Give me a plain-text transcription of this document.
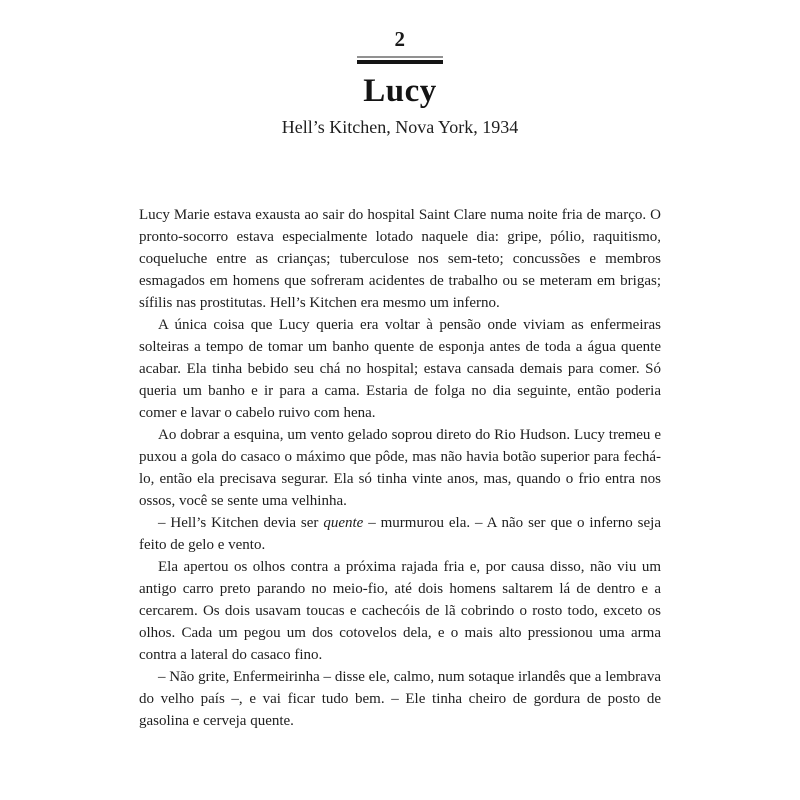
2
Lucy
Hell’s Kitchen, Nova York, 1934

Lucy Marie estava exausta ao sair do hospital Saint Clare numa noite fria de março. O pronto-socorro estava especialmente lotado naquele dia: gripe, pólio, raquitismo, coqueluche entre as crianças; tuberculose nos sem-teto; concussões e membros esmagados em homens que sofreram acidentes de trabalho ou se meteram em brigas; sífilis nas prostitutas. Hell’s Kitchen era mesmo um inferno.

A única coisa que Lucy queria era voltar à pensão onde viviam as enfermeiras solteiras a tempo de tomar um banho quente de esponja antes de toda a água quente acabar. Ela tinha bebido seu chá no hospital; estava cansada demais para comer. Só queria um banho e ir para a cama. Estaria de folga no dia seguinte, então poderia comer e lavar o cabelo ruivo com hena.

Ao dobrar a esquina, um vento gelado soprou direto do Rio Hudson. Lucy tremeu e puxou a gola do casaco o máximo que pôde, mas não havia botão superior para fechá-lo, então ela precisava segurar. Ela só tinha vinte anos, mas, quando o frio entra nos ossos, você se sente uma velhinha.

– Hell’s Kitchen devia ser quente – murmurou ela. – A não ser que o inferno seja feito de gelo e vento.

Ela apertou os olhos contra a próxima rajada fria e, por causa disso, não viu um antigo carro preto parando no meio-fio, até dois homens saltarem lá de dentro e a cercarem. Os dois usavam toucas e cachecóis de lã cobrindo o rosto todo, exceto os olhos. Cada um pegou um dos cotovelos dela, e o mais alto pressionou uma arma contra a lateral do casaco fino.

– Não grite, Enfermeirinha – disse ele, calmo, num sotaque irlandês que a lembrava do velho país –, e vai ficar tudo bem. – Ele tinha cheiro de gordura de posto de gasolina e cerveja quente.
